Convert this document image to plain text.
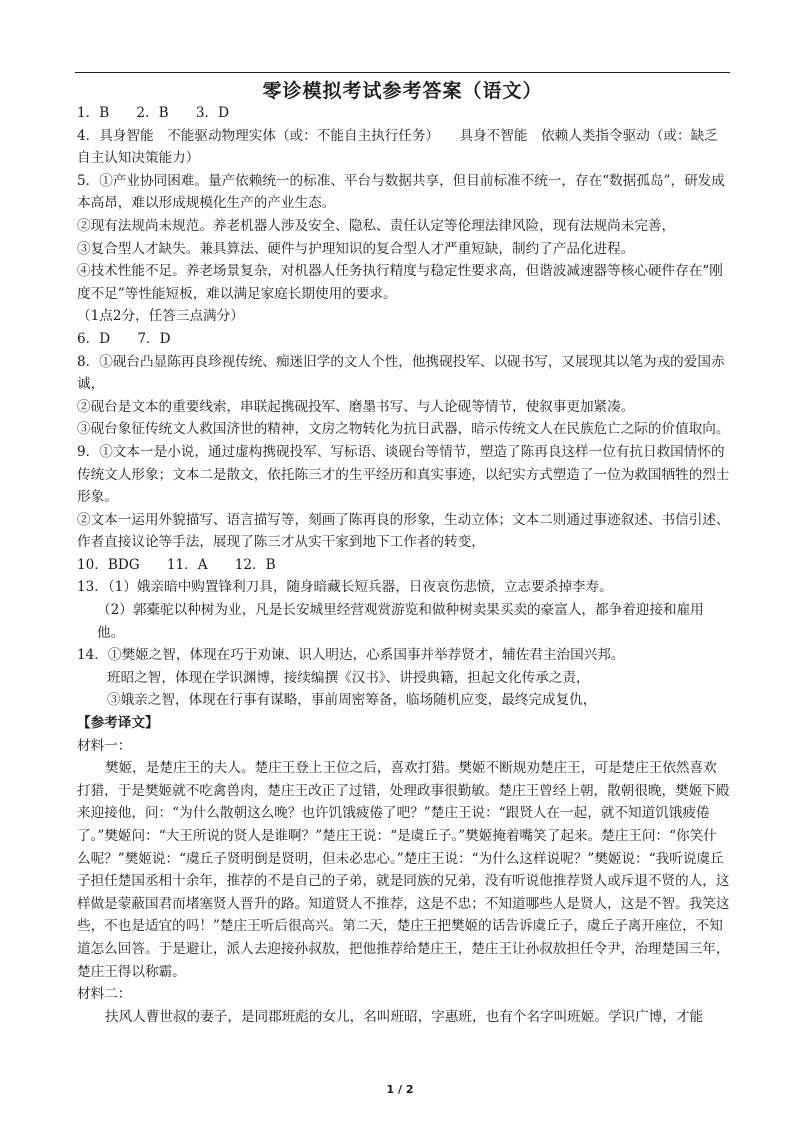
零诊模拟考试参考答案（语文）

1．B　　2．B　　3．D

4．具身智能　不能驱动物理实体（或：不能自主执行任务）　　具身不智能　依赖人类指令驱动（或：缺乏自主认知决策能力）

5．①产业协同困难。量产依赖统一的标准、平台与数据共享，但目前标准不统一，存在“数据孤岛”，研发成本高昂，难以形成规模化生产的产业生态。

②现有法规尚未规范。养老机器人涉及安全、隐私、责任认定等伦理法律风险，现有法规尚未完善，

③复合型人才缺失。兼具算法、硬件与护理知识的复合型人才严重短缺，制约了产品化进程。

④技术性能不足。养老场景复杂，对机器人任务执行精度与稳定性要求高，但谐波减速器等核心硬件存在“刚度不足”等性能短板，难以满足家庭长期使用的要求。

（1点2分，任答三点满分）

6．D　　7．D

8．①砚台凸显陈再良珍视传统、痴迷旧学的文人个性，他携砚投军、以砚书写，又展现其以笔为戎的爱国赤诚，

②砚台是文本的重要线索，串联起携砚投军、磨墨书写、与人论砚等情节，使叙事更加紧凑。

③砚台象征传统文人救国济世的精神，文房之物转化为抗日武器，暗示传统文人在民族危亡之际的价值取向。

9．①文本一是小说，通过虚构携砚投军、写标语、谈砚台等情节，塑造了陈再良这样一位有抗日救国情怀的传统文人形象；文本二是散文，依托陈三才的生平经历和真实事迹，以纪实方式塑造了一位为救国牺牲的烈士形象。

②文本一运用外貌描写、语言描写等，刻画了陈再良的形象，生动立体；文本二则通过事迹叙述、书信引述、作者直接议论等手法，展现了陈三才从实干家到地下工作者的转变，

10．BDG　　11．A　　12．B

13．（1）娥亲暗中购置锋利刀具，随身暗藏长短兵器，日夜哀伤悲愤，立志要杀掉李寿。

（2）郭橐驼以种树为业，凡是长安城里经营观赏游览和做种树卖果买卖的豪富人，都争着迎接和雇用他。

14．①樊姬之智，体现在巧于劝谏、识人明达，心系国事并举荐贤才，辅佐君主治国兴邦。

班昭之智，体现在学识渊博，接续编撰《汉书》、讲授典籍，担起文化传承之责，

③娥亲之智，体现在行事有谋略，事前周密筹备，临场随机应变，最终完成复仇，

【参考译文】

材料一：

樊姬，是楚庄王的夫人。楚庄王登上王位之后，喜欢打猎。樊姬不断规劝楚庄王，可是楚庄王依然喜欢打猎，于是樊姬就不吃禽兽肉，楚庄王改正了过错，处理政事很勤敏。楚庄王曾经上朝，散朝很晚，樊姬下殿来迎接他，问：“为什么散朝这么晚？也许饥饿疲倦了吧？”楚庄王说：“跟贤人在一起，就不知道饥饿疲倦了。”樊姬问：“大王所说的贤人是谁啊？”楚庄王说：“是虞丘子。”樊姬掩着嘴笑了起来。楚庄王问：“你笑什么呢？”樊姬说：“虞丘子贤明倒是贤明，但未必忠心。”楚庄王说：“为什么这样说呢？”樊姬说：“我听说虞丘子担任楚国丞相十余年，推荐的不是自己的子弟，就是同族的兄弟，没有听说他推荐贤人或斥退不贤的人，这样做是蒙蔽国君而堵塞贤人晋升的路。知道贤人不推荐，这是不忠；不知道哪些人是贤人，这是不智。我笑这些，不也是适宜的吗！”楚庄王听后很高兴。第二天，楚庄王把樊姬的话告诉虞丘子，虞丘子离开座位，不知道怎么回答。于是避让，派人去迎接孙叔敖，把他推荐给楚庄王，楚庄王让孙叔敖担任令尹，治理楚国三年，楚庄王得以称霸。

材料二：

扶风人曹世叔的妻子，是同郡班彪的女儿，名叫班昭，字惠班，也有个名字叫班姬。学识广博，才能

1 / 2
